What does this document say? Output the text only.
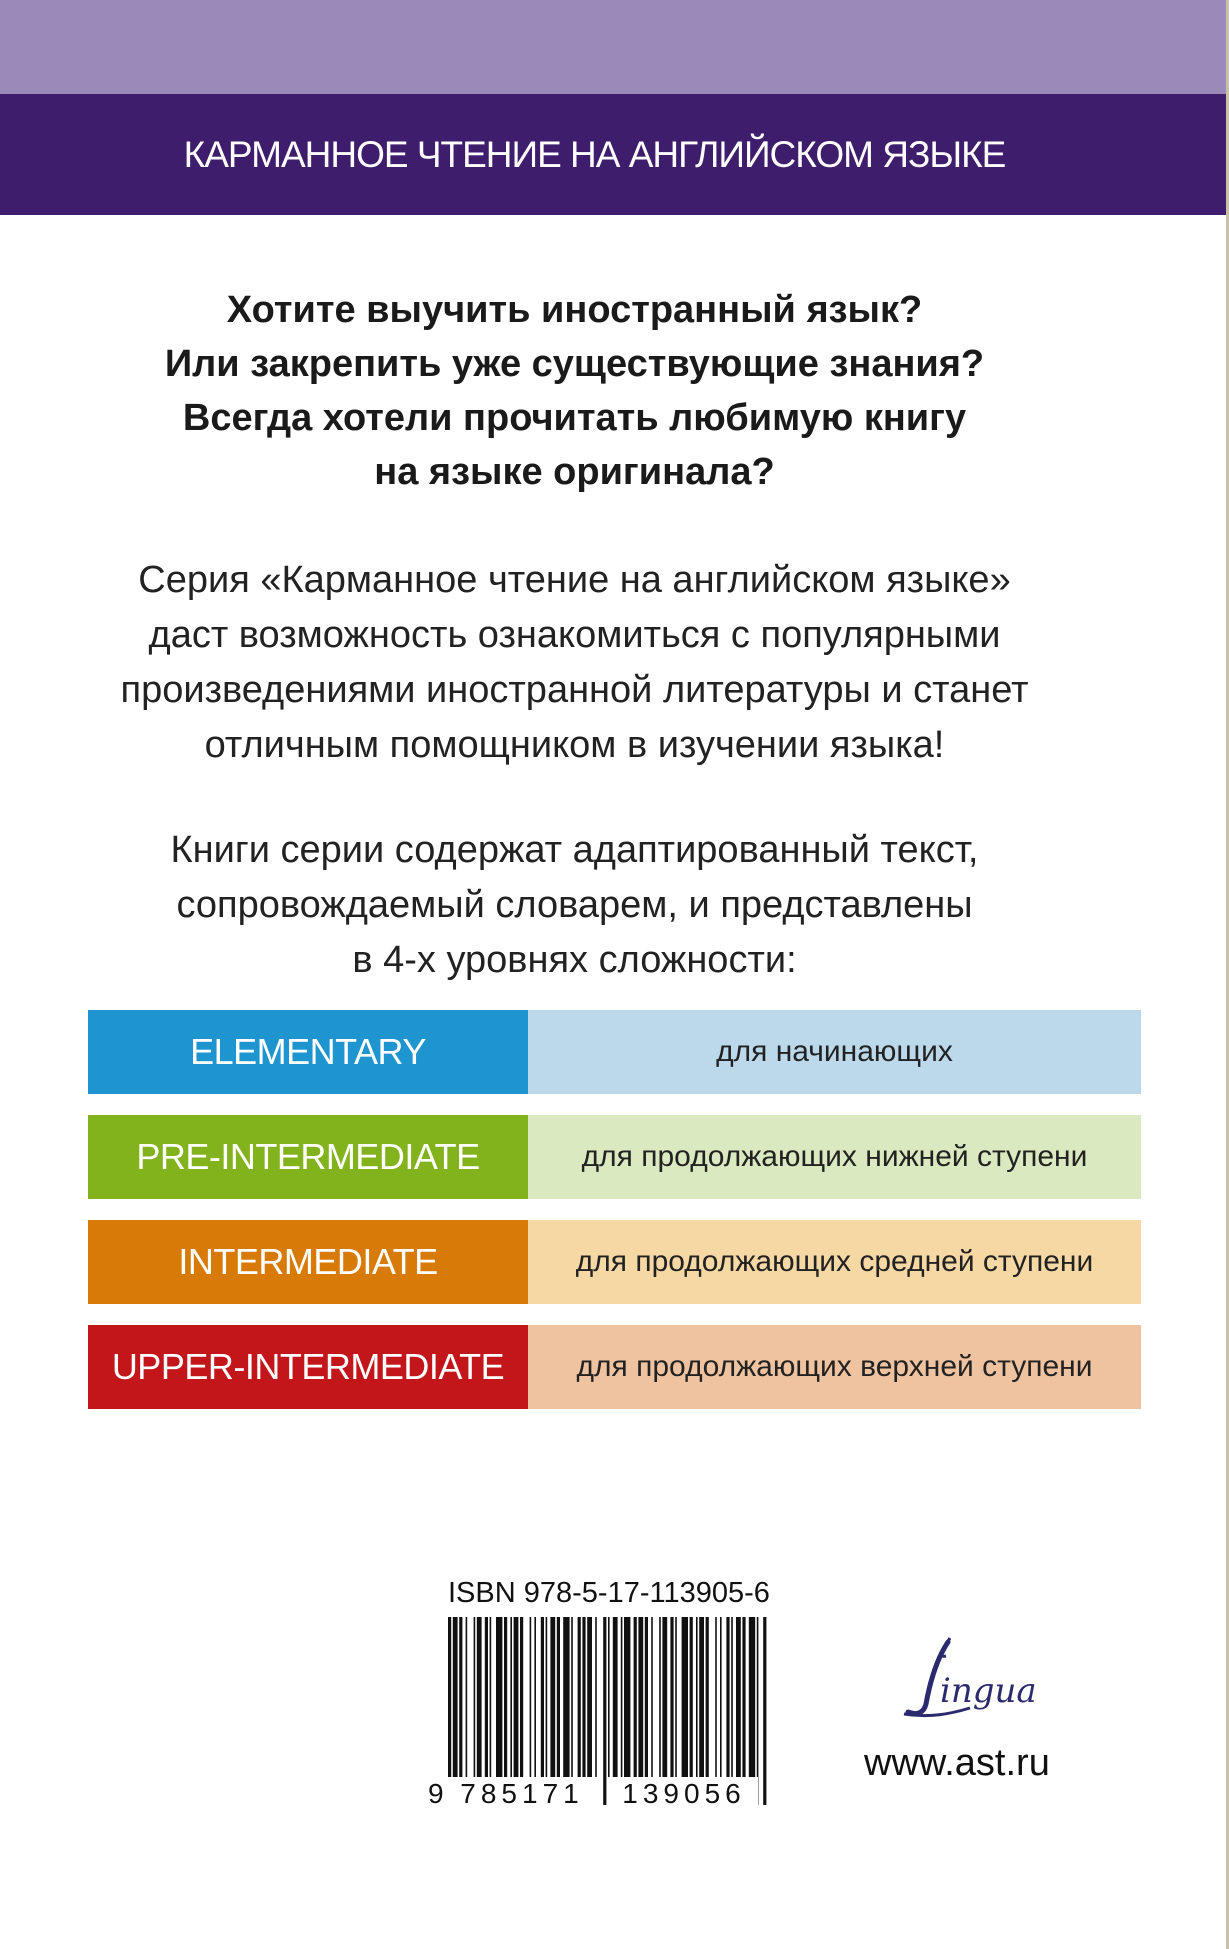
КАРМАННОЕ ЧТЕНИЕ НА АНГЛИЙСКОМ ЯЗЫКЕ
Хотите выучить иностранный язык?
Или закрепить уже существующие знания?
Всегда хотели прочитать любимую книгу
на языке оригинала?
Серия «Карманное чтение на английском языке»
даст возможность ознакомиться с популярными
произведениями иностранной литературы и станет
отличным помощником в изучении языка!
Книги серии содержат адаптированный текст,
сопровождаемый словарем, и представлены
в 4-х уровнях сложности:
ELEMENTARY	для начинающих
PRE-INTERMEDIATE	для продолжающих нижней ступени
INTERMEDIATE	для продолжающих средней ступени
UPPER-INTERMEDIATE	для продолжающих верхней ступени
ISBN 978-5-17-113905-6
9 785171 139056
ingua
www.ast.ru
